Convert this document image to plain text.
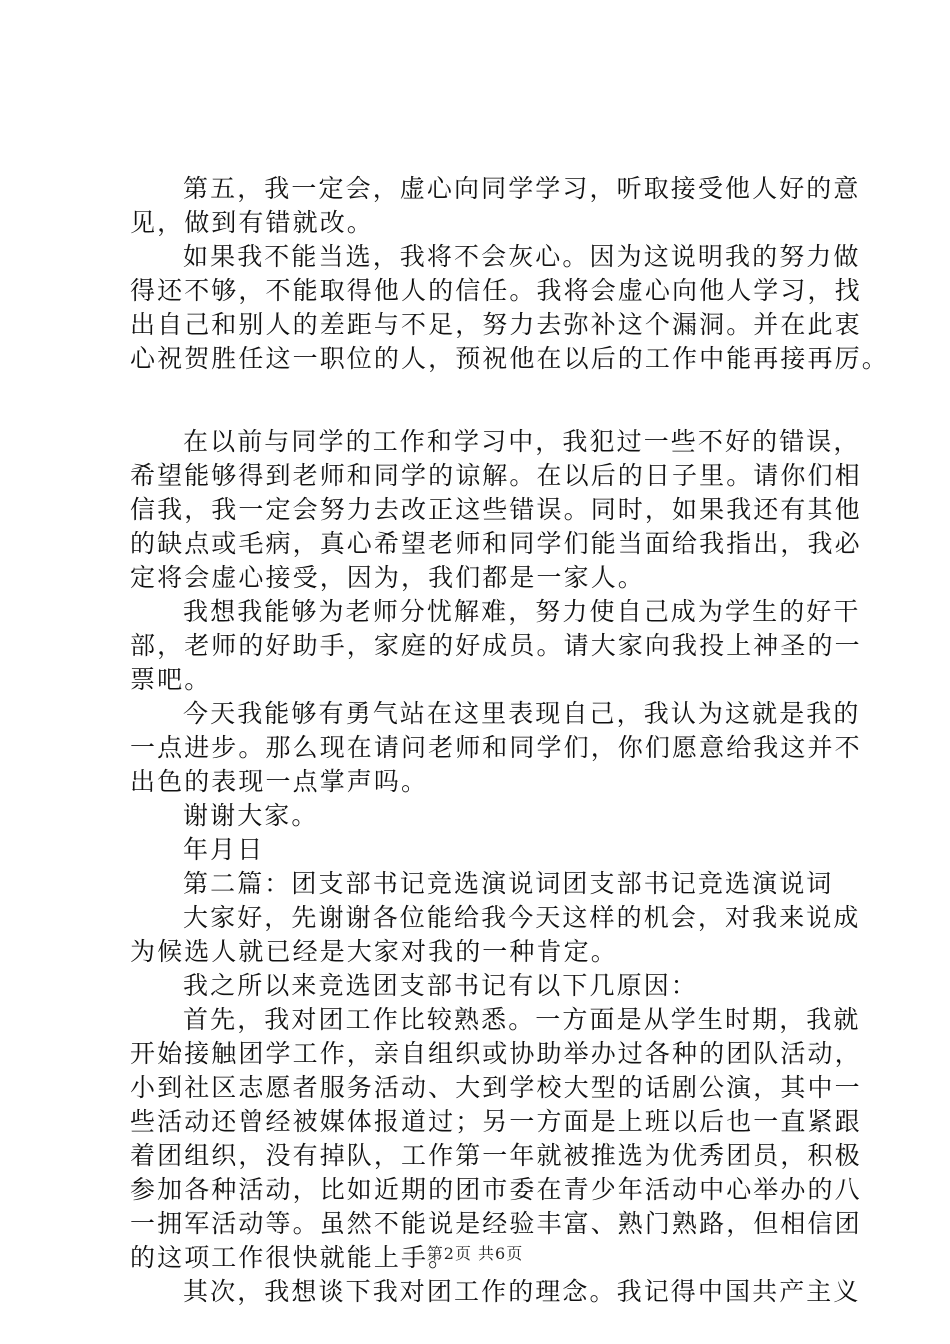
第五，我一定会，虚心向同学学习，听取接受他人好的意
见，做到有错就改。
如果我不能当选，我将不会灰心。因为这说明我的努力做
得还不够，不能取得他人的信任。我将会虚心向他人学习，找
出自己和别人的差距与不足，努力去弥补这个漏洞。并在此衷
心祝贺胜任这一职位的人，预祝他在以后的工作中能再接再厉。
在以前与同学的工作和学习中，我犯过一些不好的错误，
希望能够得到老师和同学的谅解。在以后的日子里。请你们相
信我，我一定会努力去改正这些错误。同时，如果我还有其他
的缺点或毛病，真心希望老师和同学们能当面给我指出，我必
定将会虚心接受，因为，我们都是一家人。
我想我能够为老师分忧解难，努力使自己成为学生的好干
部，老师的好助手，家庭的好成员。请大家向我投上神圣的一
票吧。
今天我能够有勇气站在这里表现自己，我认为这就是我的
一点进步。那么现在请问老师和同学们，你们愿意给我这并不
出色的表现一点掌声吗。
谢谢大家。
年月日
第二篇：团支部书记竞选演说词团支部书记竞选演说词
大家好，先谢谢各位能给我今天这样的机会，对我来说成
为候选人就已经是大家对我的一种肯定。
我之所以来竞选团支部书记有以下几原因：
首先，我对团工作比较熟悉。一方面是从学生时期，我就
开始接触团学工作，亲自组织或协助举办过各种的团队活动，
小到社区志愿者服务活动、大到学校大型的话剧公演，其中一
些活动还曾经被媒体报道过；另一方面是上班以后也一直紧跟
着团组织，没有掉队，工作第一年就被推选为优秀团员，积极
参加各种活动，比如近期的团市委在青少年活动中心举办的八
一拥军活动等。虽然不能说是经验丰富、熟门熟路，但相信团
的这项工作很快就能上手。
其次，我想谈下我对团工作的理念。我记得中国共产主义
第2页 共6页
